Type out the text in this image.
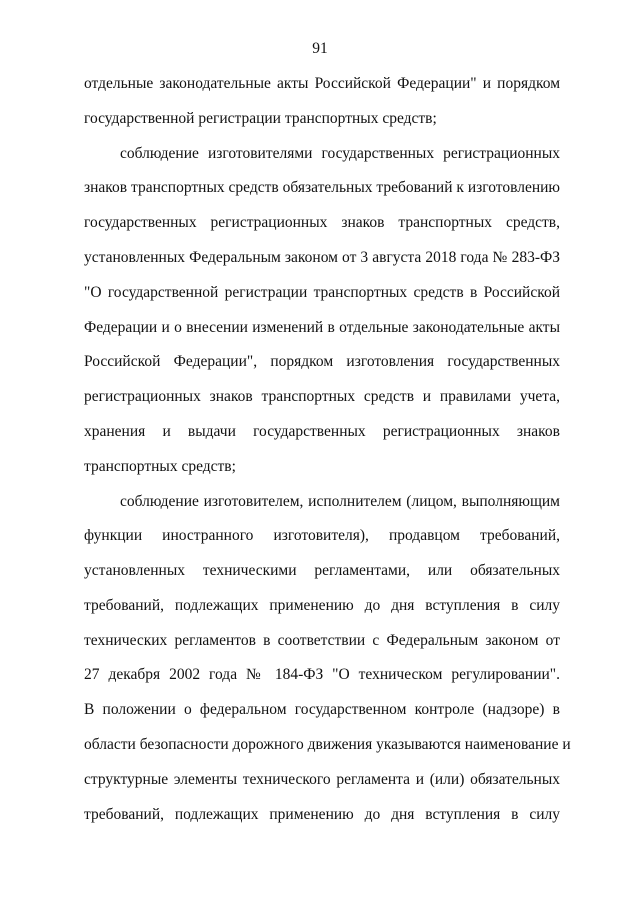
91
отдельные законодательные акты Российской Федерации" и порядком
государственной регистрации транспортных средств;
соблюдение изготовителями государственных регистрационных
знаков транспортных средств обязательных требований к изготовлению
государственных регистрационных знаков транспортных средств,
установленных Федеральным законом от 3 августа 2018 года № 283-ФЗ
"О государственной регистрации транспортных средств в Российской
Федерации и о внесении изменений в отдельные законодательные акты
Российской Федерации", порядком изготовления государственных
регистрационных знаков транспортных средств и правилами учета,
хранения и выдачи государственных регистрационных знаков
транспортных средств;
соблюдение изготовителем, исполнителем (лицом, выполняющим
функции иностранного изготовителя), продавцом требований,
установленных техническими регламентами, или обязательных
требований, подлежащих применению до дня вступления в силу
технических регламентов в соответствии с Федеральным законом от
27 декабря 2002 года № 184-ФЗ "О техническом регулировании".
В положении о федеральном государственном контроле (надзоре) в
области безопасности дорожного движения указываются наименование и
структурные элементы технического регламента и (или) обязательных
требований, подлежащих применению до дня вступления в силу
